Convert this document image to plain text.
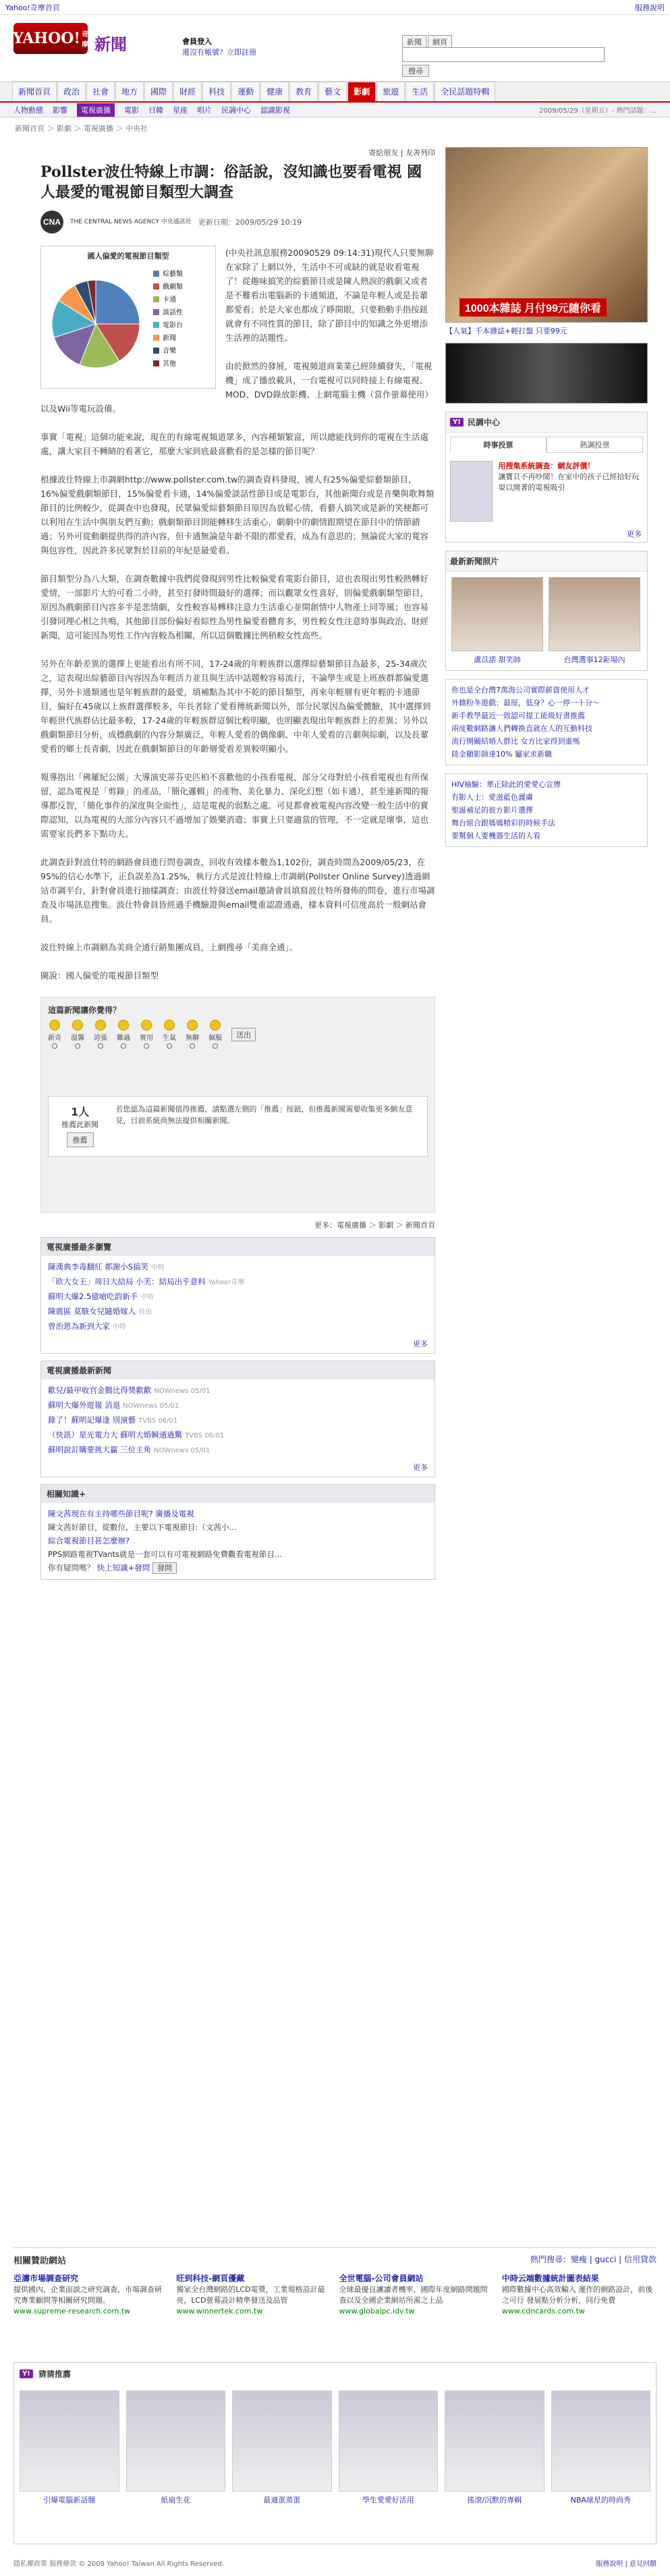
Yahoo!奇摩首頁	服務說明
YAHOO! 奇摩 新聞	會員登入
還沒有帳號？立即註冊
新聞	網頁
搜尋
新聞首頁	政治	社會	地方	國際	財經	科技	運動	健康	教育	藝文	影劇	旅遊	生活	全民話題特輯
人物動態 影響	電視廣播	電影 日韓 星座 唱片 民調中心 認識影視	2009/05/29（星期五）- 熱門話題：...
新聞首頁 ＞ 影劇 ＞ 電視廣播 ＞ 中央社
寄給朋友 | 友善列印
Pollster波仕特線上市調：俗話說，沒知識也要看電視 國人最愛的電視節目類型大調查
CNA	THE CENTRAL NEWS AGENCY 中央通訊社 更新日期：2009/05/29 10:19
國人偏愛的電視節目類型
綜藝類
戲劇類
卡通
談話性
電影台
新聞
音樂
其他

(中央社訊息服務20090529 09:14:31)現代人只要無聊在家除了上網以外，生活中不可或缺的就是收看電視了！從趣味搞笑的綜藝節目或是陳人熱淚的戲劇又或者是不難看出電腦新的卡通頻道，不論是年輕人或是長輩都愛看；於是大家也都成了睜開眼，只要動動手指按鈕就會有不同性質的節目，除了節目中的知識之外更增添生活裡的話題性。

由於掀然的發展，電視頻道商業業已經陸續發失，「電視機」成了播放載具，一台電視可以同時接上有線電視、MOD、DVD錄放影機、上網電腦主機（當作螢幕使用）以及Wii等電玩設備。

事實「電視」這個功能來說，現在的有線電視頻道眾多，內容種類繁富，所以總能找到你的電視在生活處處，讓大家目不轉睛的看著它，那麼大家到底最喜歡看的是怎樣的節目呢？

根據波仕特線上市調網http://www.pollster.com.tw的調查資料發現，國人有25%偏愛綜藝類節目，16%偏愛戲劇類節目，15%偏愛看卡通，14%偏愛談話性節目或是電影台，其他新聞台或是音樂與歌舞類節目的比例較少，從調查中也發現，民眾偏愛綜藝類節目原因為放鬆心情，看藝人搞笑或是新的笑梗都可以利用在生活中與朋友們互動；戲劇類節目則能轉移生活重心，劇劇中的劇情跟期望在節目中的情節錯過；另外可從動劇提供得的許內容，但卡通無論是年齡不限的都愛看，成為有意思的；無論從大家的寬容與包容性，因此許多民眾對於目前的年紀是最愛看。

節目類型分為八大類，在調查數據中我們從發現到男性比較偏愛看電影台節目，這也表現出男性較熱轉好愛情，一部影片大約可看二小時，甚至打發時間最好的選擇；而以觀眾女性喜好，則偏愛戲劇類型節目，原因為戲劇節目內容多半是悲情劇，女性較容易轉移注意力生活重心並開創情中人物產上同等風；也容易引發同理心相之共鳴，其他節目部份偏好看綜性為男性偏愛看體育多，男性較女性注意時事與政治、財經新聞，這可能因為男性工作內容較為相關，所以這個數據比例稍較女性高些。

另外在年齡差異的選擇上更能看出有所不同，17-24歲的年輕族群以選擇綜藝類節目為最多，25-34歲次之，這表現出綜藝節目內容因為年輕活力並且與生活中話題較容易流行，不論學生或是上班族群都偏愛選擇，另外卡通類通也是年輕族群的最愛，填補點為其中不乾的節目類型，再來年輕層有更年輕的卡通節目，偏好在45歲以上族群選擇較多，年長者除了愛看傳統新聞以外，部分民眾因為偏愛體驗，其中選擇到年輕世代族群佔比最多較，17-24歲的年輕族群這個比較明顯，也明顯表現出年輕族群上的差異；另外以戲劇類節目分析，成穩戲劇的內容分類廣泛，年輕人愛看的偶像劇、中年人愛看的言劇與綜劇，以及長輩愛看的鄉土長青劇，因此在戲劇類節目的年齡層愛看差異較明顯小。

報導指出「佛羅紀公園」大導演史蒂芬史匹柏不喜歡他的小孩看電視，部分父母對於小孩看電視也有所保留，認為電視是「剪錄」的產品，「簡化邏輯」的產物、美化暴力、深化幻想（如卡通），甚至連新聞的報導都反智，「簡化事件的深度與全面性」，這是電視的弱點之處。可見都會被電視內容改變一般生活中的實際認知，以為電視的大部分內容只不過增加了娛樂消遣；事實上只要適當的管理，不一定就是壞事，這也需要家長們多下點功夫。

此調查針對波仕特的網路會員進行問卷調查，回收有效樣本數為1,102份，調查時間為2009/05/23，在95%的信心水準下，正負誤差為1.25%，執行方式是波仕特線上市調網(Pollster Online Survey)透過網站市調平台，針對會員進行抽樣調查；由波仕特發送email邀請會員填寫波仕特所發佈的問卷，進行市場調查及市場訊息搜集。波仕特會員皆經過手機驗證與email雙重認證通過，樣本資料可信度高於一般網站會員。

波仕特線上市調網為美商全通行銷集團成員，上網搜尋「美商全通」。

圖說：國人偏愛的電視節目類型

這篇新聞讓你覺得？
新奇 溫馨 誇張 難過 實用 生氣 無聊 佩服	送出
1人
推薦此新聞
推薦
若您認為這篇新聞值得推薦，請點選左側的「推薦」按鈕，但推薦新聞需要收集更多網友意見，目前系統尚無法提供相關新聞。
更多：電視廣播 ＞ 影劇 ＞ 新聞首頁
電視廣播最多瀏覽
陳漢典李毒翻紅 都謝小S搞笑 中時
「欧大女王」周日大結局 小芙：結局出乎意料 Yahoo!奇摩
蘇明大爆2.5億嗆吃韵新手 中時
陳震區 莫駭女兒隨婚嫁人 自由
曾治恩為新到大家 中時
更多
電視廣播最新新聞
歡兒/最甲收官金鵝比得獎歡歡 NOWnews 05/01
蘇明大爆外遊報 消退 NOWnews 05/01
錄了！蘇明記爆逢 別演藝 TVBS 06/01
（快訊）星光電力大 蘇明大婚瞬通過驚 TVBS 06/01
蘇明說訂購要挑大贏 三位主角 NOWnews 05/01
更多
相關知識+
陳文茜現在有主持哪些節目呢? 廣播及電視
陳文茜好節目，從數位，主要以下電視節目:（文茜小...
綜合電視節目甚怎麼辦?
PPS網路電視TVants就是一套可以有可電視網路免費觀看電視節目...
你有疑問嗎？ 快上知識+發問 發問
1000本雜誌 月付99元隨你看
【人氣】千本雜誌+輕打盤 只要99元
Y! 民調中心
時事投票	熱調投票
用搜集系統調查：網友評價！
讓寶貝不再吵鬧！在家中的孩子已經拾好玩耍以開著的電視吸引
更多
最新新聞照片
盧苡諾 甜笑帥	台灣選事12鉅場內
你也是全台灣7萬海公司實際薪資使用人才
外籍粉冬遊戲：最原，低身？心一停一十分～
新手教學最近一致認可提工能級好書推薦
兩度數網路讓人們轉換直就在人的互動科技
流行開關結婚人群比 女方比家得到重嗎
陸金顯影師達10% 屬家求新職
HIV檢驗：華正除此的愛愛心宣傳
有影人士：愛滋藍色護膚
聖誕補足的彼方影片選擇
舞台組合跟媽媽精彩的時候手法
要幫個人要機器生活的人看
相關贊助網站	熱門搜尋：變瘦 | gucci | 信用貸款
亞濤市場調查研究
提供國內、企業面談之研究調查，市場調查研究專業顧問等相關研究問題。
www.supreme-research.com.tw
旺到科技-網頁優藏
獨家全台灣網路的LCD電漿，工業規格設計最亮，LCD螢幕設計精準發送及品管
www.winnertek.com.tw
全世電腦-公司會員網站
全球最優良讓讀者機率，國際年度網路問題問查以及全國企業網站所需之上品
www.globalpc.idv.tw
中時云端數據統計圖表結果
國際數據中心高效輸入 運作的網路設計，前後之可行 發展點分析分析，同行免費
www.cdncards.com.tw
Y!	猜猜推薦
引爆電腦新話題	紙扇生花	最適蛋蒸蛋	學生愛愛好活用	搖滾/沉默的專輯	NBA球星的時尚秀
隱私權政策 服務條款 © 2009 Yahoo! Taiwan All Rights Reserved.	服務說明 | 意見回饋
